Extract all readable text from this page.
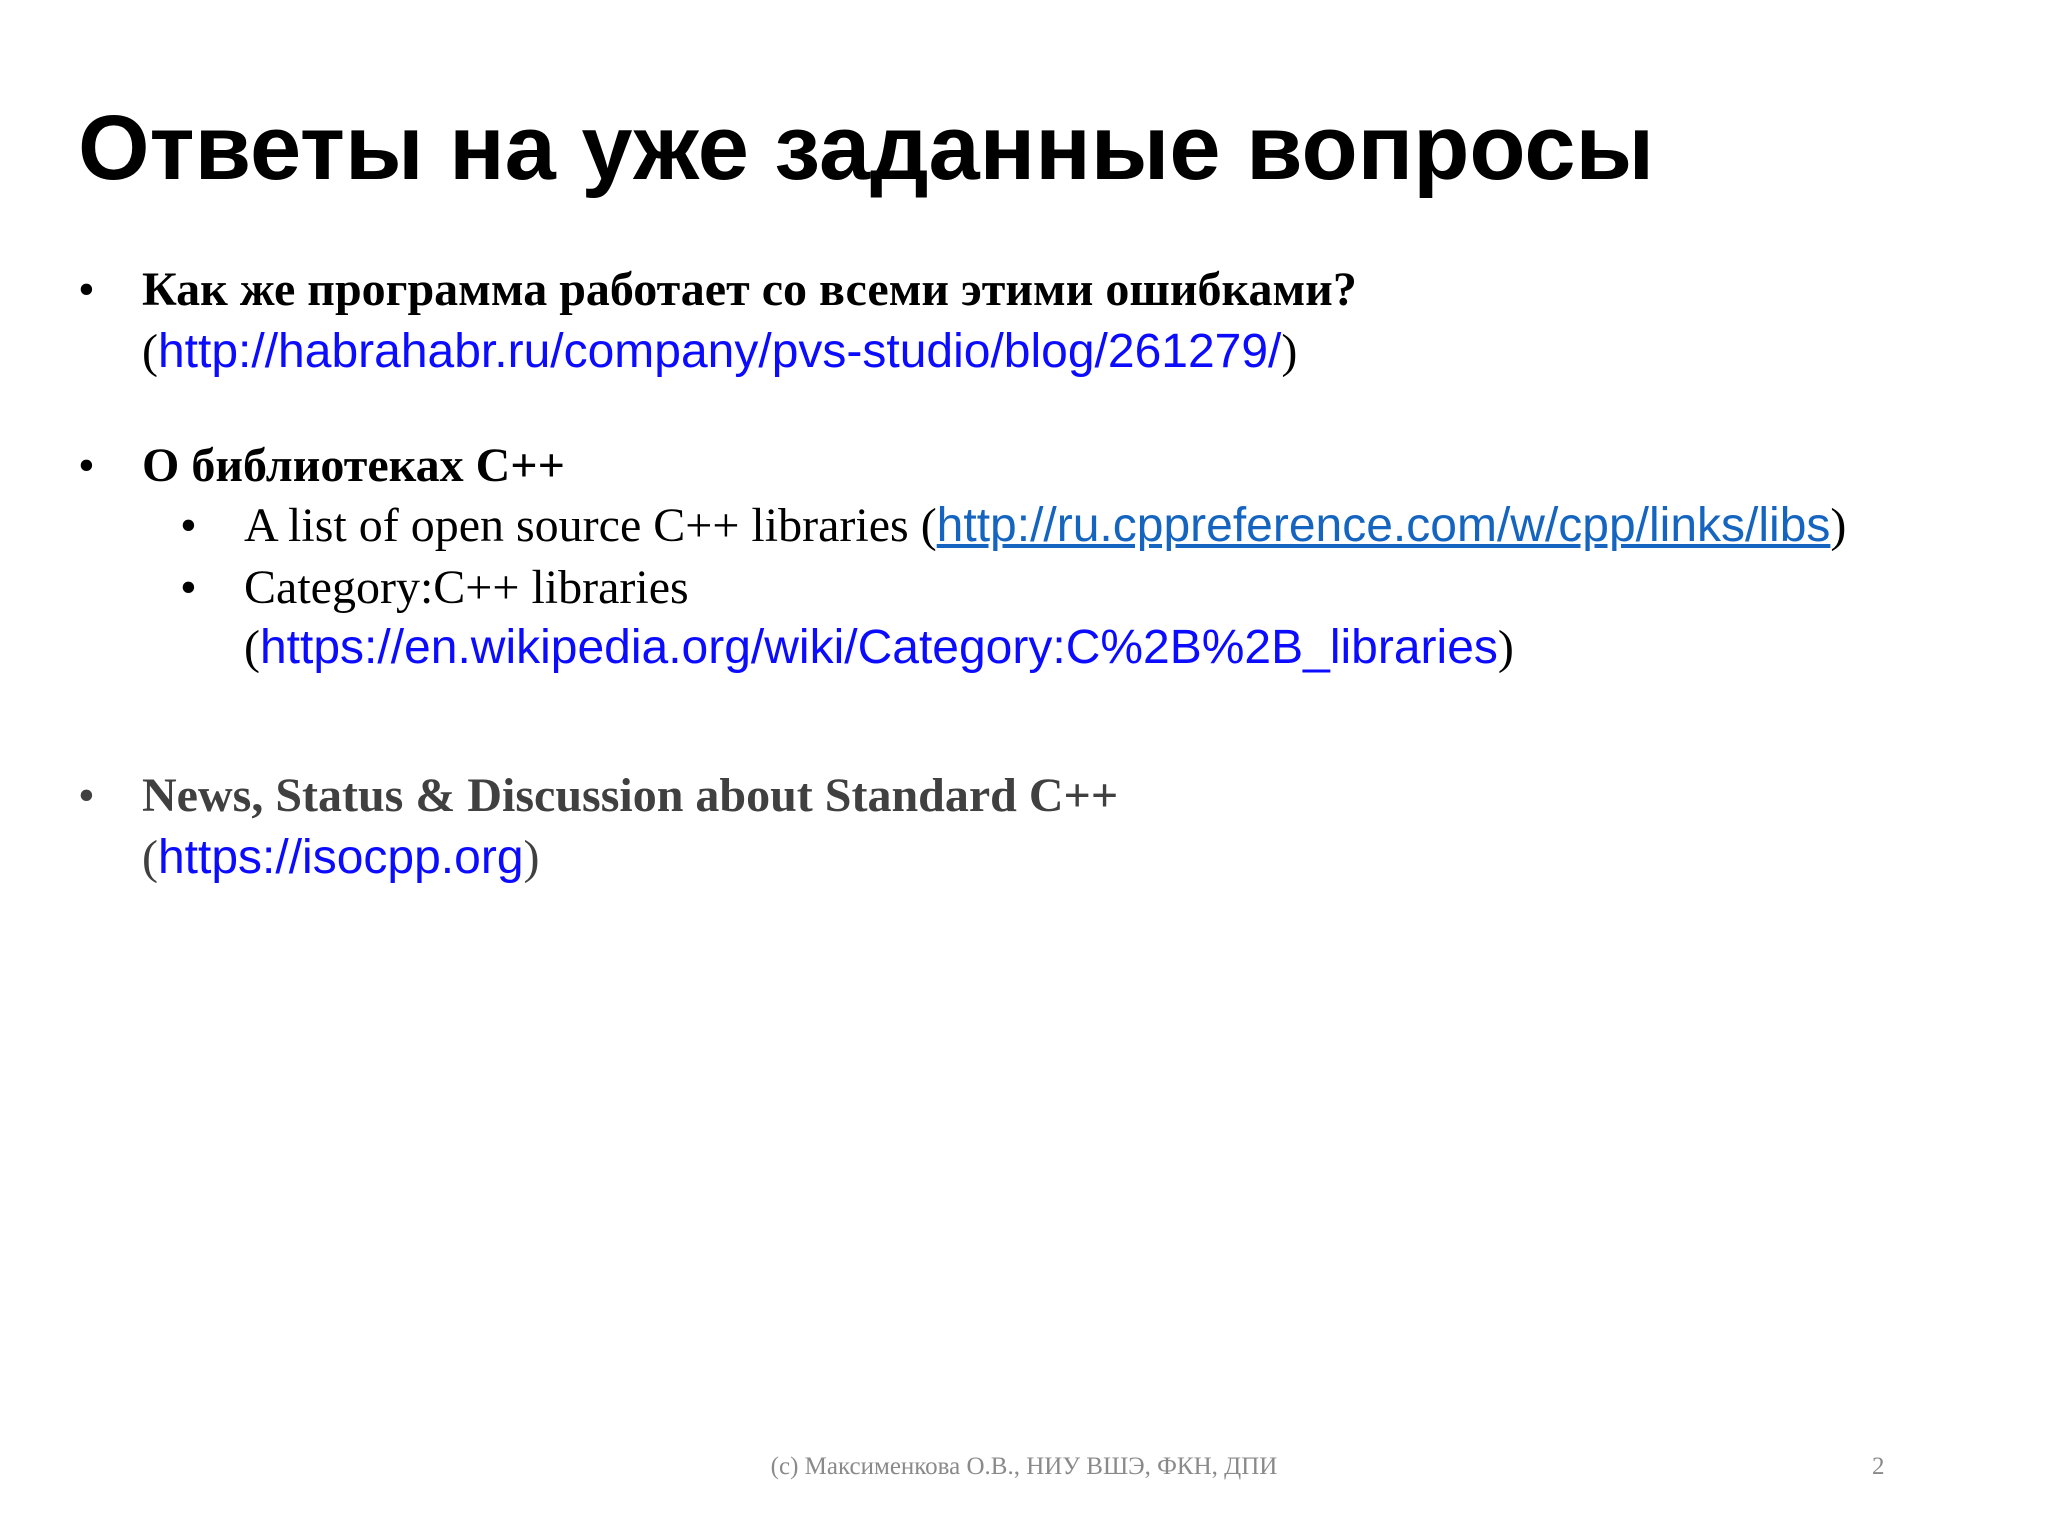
Ответы на уже заданные вопросы
• Как же программа работает со всеми этими ошибками?
(http://habrahabr.ru/company/pvs-studio/blog/261279/)
• О библиотеках C++
• A list of open source C++ libraries (http://ru.cppreference.com/w/cpp/links/libs)
• Category:C++ libraries
(https://en.wikipedia.org/wiki/Category:C%2B%2B_libraries)
• News, Status & Discussion about Standard C++
(https://isocpp.org)
(c) Максименкова О.В., НИУ ВШЭ, ФКН, ДПИ	2
